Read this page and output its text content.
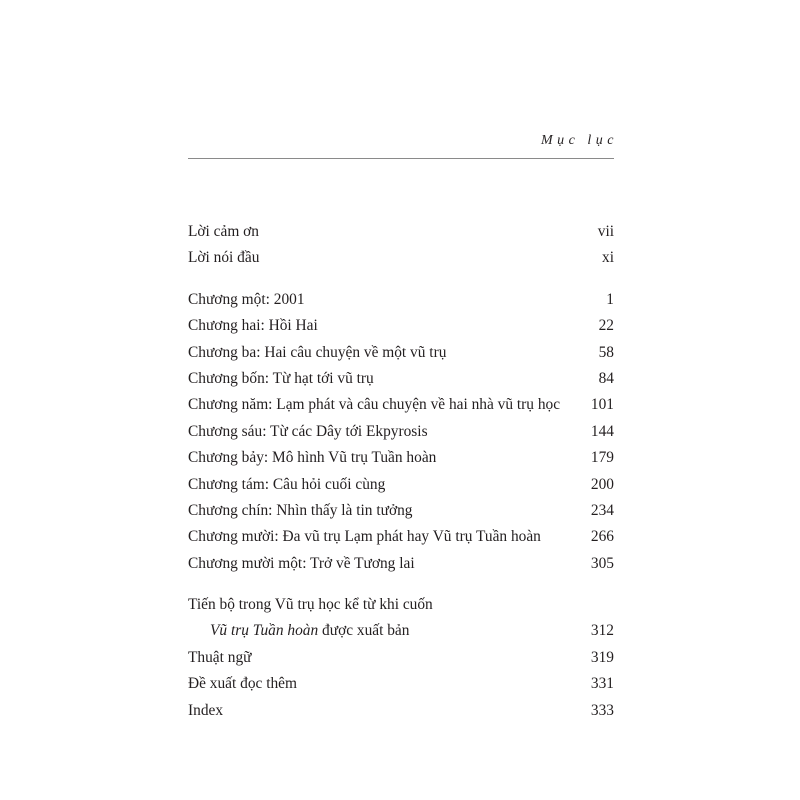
Mục lục
Lời cảm ơn	vii
Lời nói đầu	xi
Chương một: 2001	1
Chương hai: Hồi Hai	22
Chương ba: Hai câu chuyện về một vũ trụ	58
Chương bốn: Từ hạt tới vũ trụ	84
Chương năm: Lạm phát và câu chuyện về hai nhà vũ trụ học 101
Chương sáu: Từ các Dây tới Ekpyrosis	144
Chương bảy: Mô hình Vũ trụ Tuần hoàn	179
Chương tám: Câu hỏi cuối cùng	200
Chương chín: Nhìn thấy là tin tưởng	234
Chương mười: Đa vũ trụ Lạm phát hay Vũ trụ Tuần hoàn	266
Chương mười một: Trở về Tương lai	305
Tiến bộ trong Vũ trụ học kể từ khi cuốn
Vũ trụ Tuần hoàn được xuất bản	312
Thuật ngữ	319
Đề xuất đọc thêm	331
Index	333
